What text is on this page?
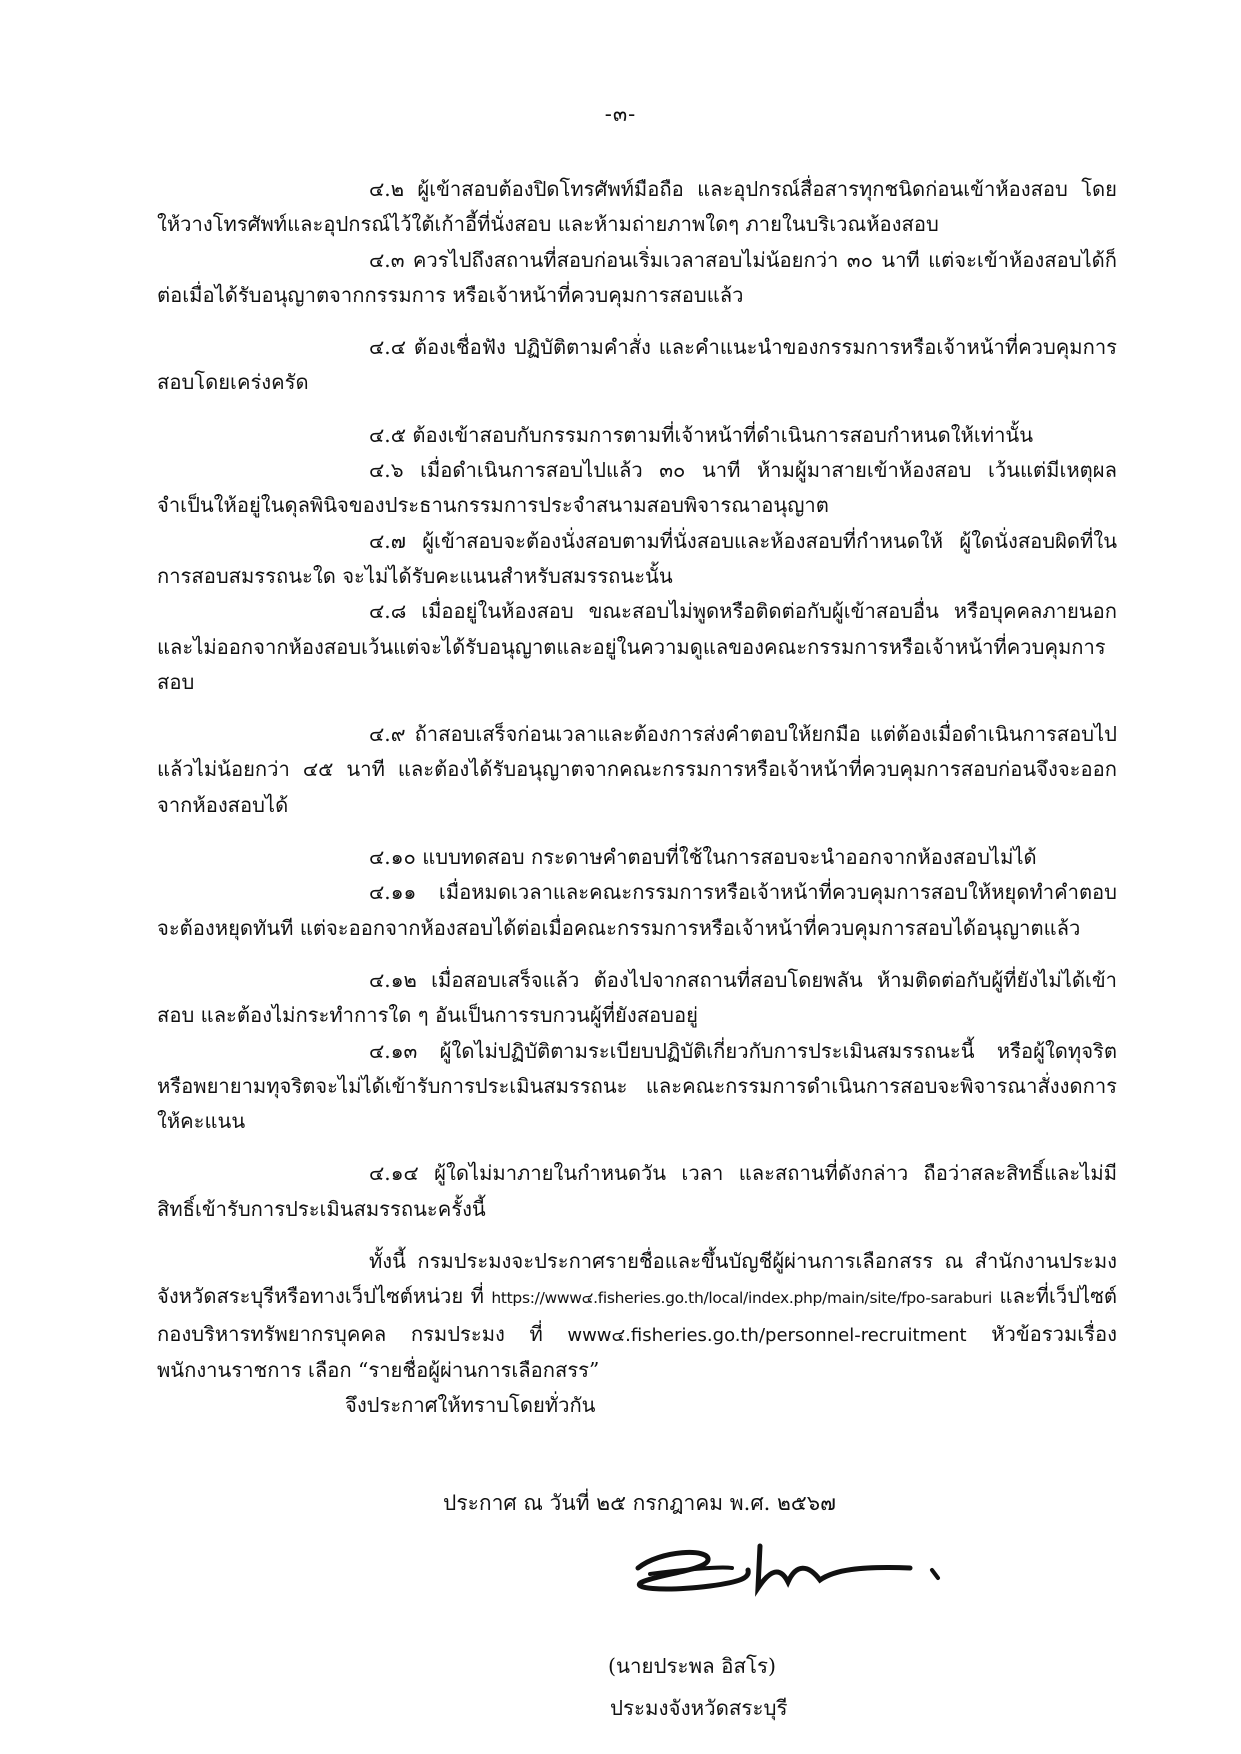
-๓-

๔.๒ ผู้เข้าสอบต้องปิดโทรศัพท์มือถือ และอุปกรณ์สื่อสารทุกชนิดก่อนเข้าห้องสอบ โดยให้วางโทรศัพท์และอุปกรณ์ไว้ใต้เก้าอี้ที่นั่งสอบ และห้ามถ่ายภาพใดๆ ภายในบริเวณห้องสอบ

๔.๓ ควรไปถึงสถานที่สอบก่อนเริ่มเวลาสอบไม่น้อยกว่า ๓๐ นาที แต่จะเข้าห้องสอบได้ก็ต่อเมื่อได้รับอนุญาตจากกรรมการ หรือเจ้าหน้าที่ควบคุมการสอบแล้ว

๔.๔ ต้องเชื่อฟัง ปฏิบัติตามคำสั่ง และคำแนะนำของกรรมการหรือเจ้าหน้าที่ควบคุมการสอบโดยเคร่งครัด

๔.๕ ต้องเข้าสอบกับกรรมการตามที่เจ้าหน้าที่ดำเนินการสอบกำหนดให้เท่านั้น

๔.๖ เมื่อดำเนินการสอบไปแล้ว ๓๐ นาที ห้ามผู้มาสายเข้าห้องสอบ เว้นแต่มีเหตุผลจำเป็นให้อยู่ในดุลพินิจของประธานกรรมการประจำสนามสอบพิจารณาอนุญาต

๔.๗ ผู้เข้าสอบจะต้องนั่งสอบตามที่นั่งสอบและห้องสอบที่กำหนดให้ ผู้ใดนั่งสอบผิดที่ในการสอบสมรรถนะใด จะไม่ได้รับคะแนนสำหรับสมรรถนะนั้น

๔.๘ เมื่ออยู่ในห้องสอบ ขณะสอบไม่พูดหรือติดต่อกับผู้เข้าสอบอื่น หรือบุคคลภายนอก และไม่ออกจากห้องสอบเว้นแต่จะได้รับอนุญาตและอยู่ในความดูแลของคณะกรรมการหรือเจ้าหน้าที่ควบคุมการสอบ

๔.๙ ถ้าสอบเสร็จก่อนเวลาและต้องการส่งคำตอบให้ยกมือ แต่ต้องเมื่อดำเนินการสอบไปแล้วไม่น้อยกว่า ๔๕ นาที และต้องได้รับอนุญาตจากคณะกรรมการหรือเจ้าหน้าที่ควบคุมการสอบก่อนจึงจะออกจากห้องสอบได้

๔.๑๐ แบบทดสอบ กระดาษคำตอบที่ใช้ในการสอบจะนำออกจากห้องสอบไม่ได้

๔.๑๑ เมื่อหมดเวลาและคณะกรรมการหรือเจ้าหน้าที่ควบคุมการสอบให้หยุดทำคำตอบจะต้องหยุดทันที แต่จะออกจากห้องสอบได้ต่อเมื่อคณะกรรมการหรือเจ้าหน้าที่ควบคุมการสอบได้อนุญาตแล้ว

๔.๑๒ เมื่อสอบเสร็จแล้ว ต้องไปจากสถานที่สอบโดยพลัน ห้ามติดต่อกับผู้ที่ยังไม่ได้เข้าสอบ และต้องไม่กระทำการใด ๆ อันเป็นการรบกวนผู้ที่ยังสอบอยู่

๔.๑๓ ผู้ใดไม่ปฏิบัติตามระเบียบปฏิบัติเกี่ยวกับการประเมินสมรรถนะนี้ หรือผู้ใดทุจริตหรือพยายามทุจริตจะไม่ได้เข้ารับการประเมินสมรรถนะ และคณะกรรมการดำเนินการสอบจะพิจารณาสั่งงดการให้คะแนน

๔.๑๔ ผู้ใดไม่มาภายในกำหนดวัน เวลา และสถานที่ดังกล่าว ถือว่าสละสิทธิ์และไม่มีสิทธิ์เข้ารับการประเมินสมรรถนะครั้งนี้

ทั้งนี้ กรมประมงจะประกาศรายชื่อและขึ้นบัญชีผู้ผ่านการเลือกสรร ณ สำนักงานประมงจังหวัดสระบุรีหรือทางเว็ปไซต์หน่วย ที่ https://www๔.fisheries.go.th/local/index.php/main/site/fpo-saraburi และที่เว็ปไซต์กองบริหารทรัพยากรบุคคล กรมประมง ที่ www๔.fisheries.go.th/personnel-recruitment หัวข้อรวมเรื่องพนักงานราชการ เลือก “รายชื่อผู้ผ่านการเลือกสรร”

จึงประกาศให้ทราบโดยทั่วกัน

ประกาศ ณ วันที่ ๒๕ กรกฎาคม พ.ศ. ๒๕๖๗
(นายประพล อิสโร)
ประมงจังหวัดสระบุรี
